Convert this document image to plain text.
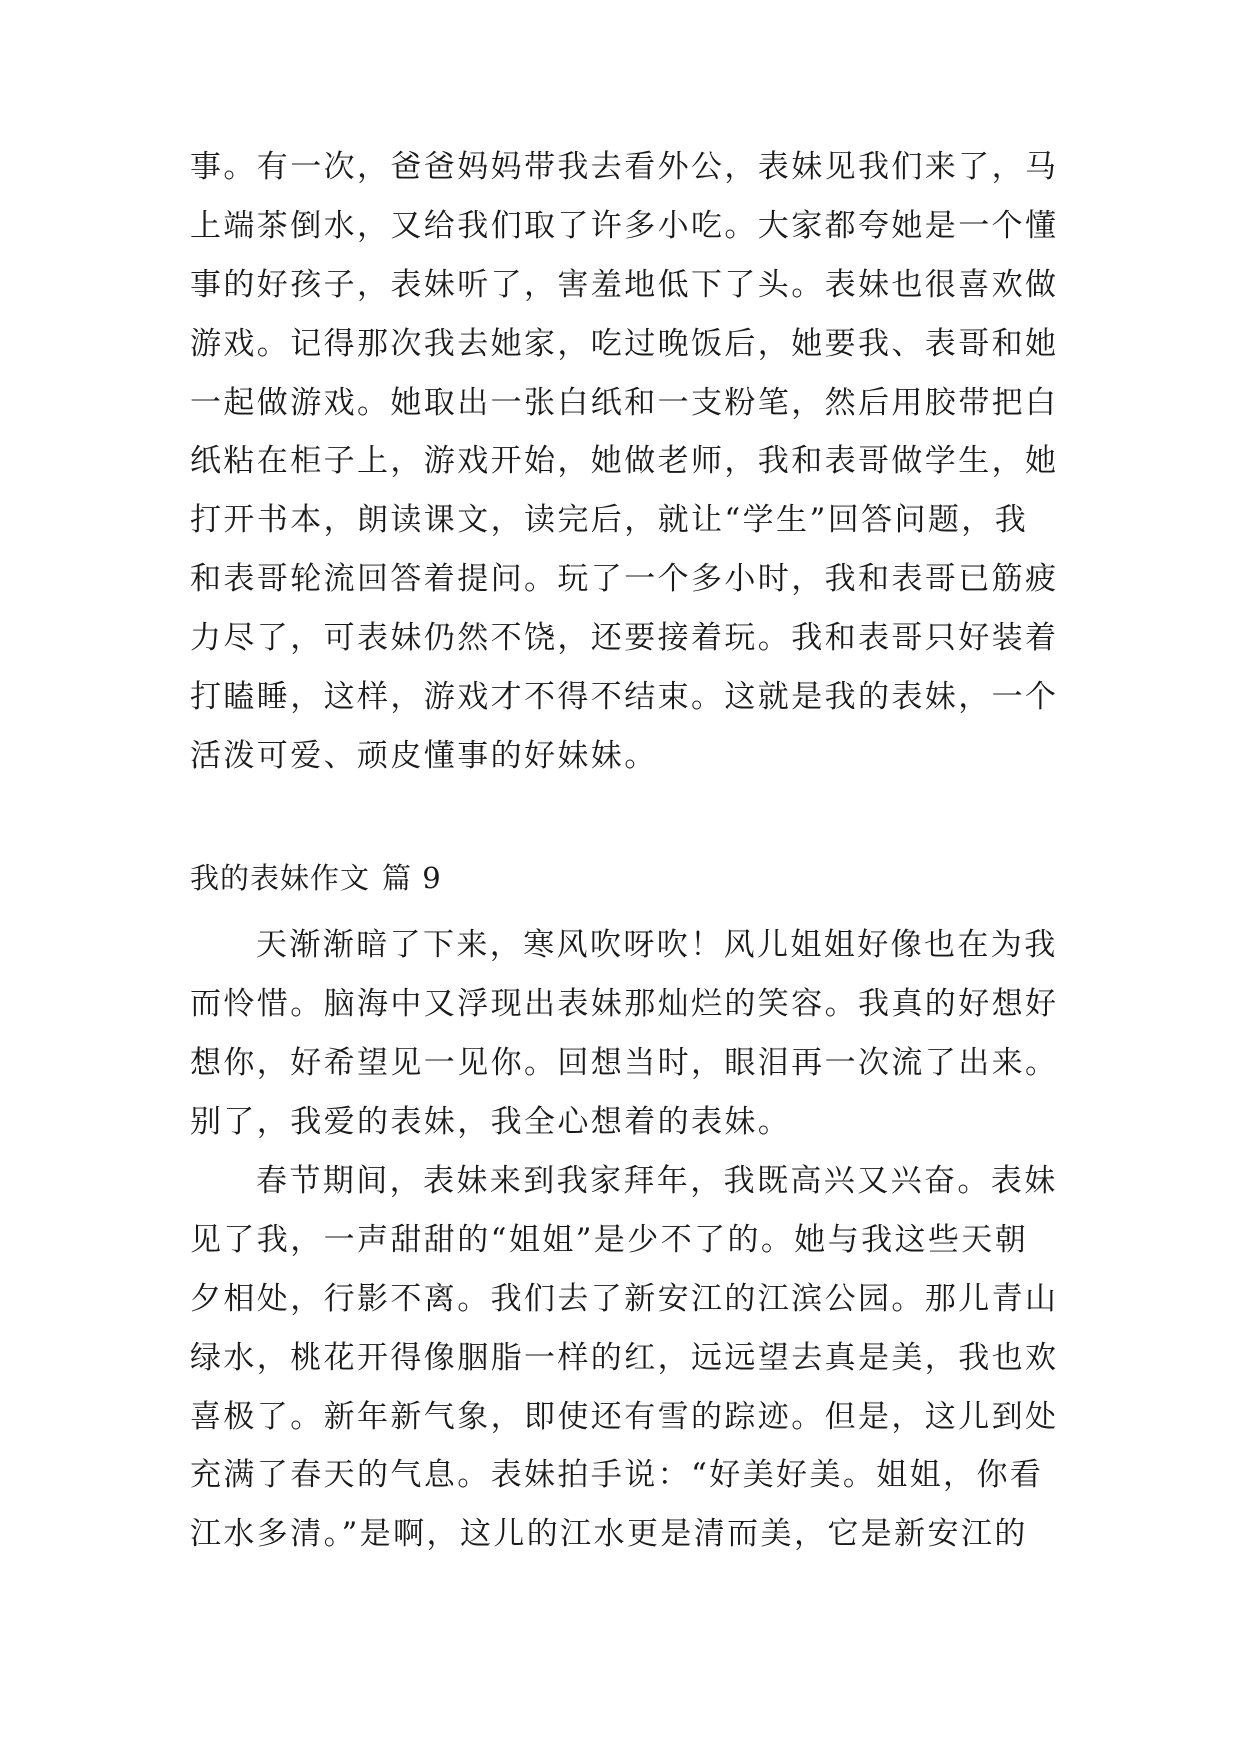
事。有一次，爸爸妈妈带我去看外公，表妹见我们来了，马
上端茶倒水，又给我们取了许多小吃。大家都夸她是一个懂
事的好孩子，表妹听了，害羞地低下了头。表妹也很喜欢做
游戏。记得那次我去她家，吃过晚饭后，她要我、表哥和她
一起做游戏。她取出一张白纸和一支粉笔，然后用胶带把白
纸粘在柜子上，游戏开始，她做老师，我和表哥做学生，她
打开书本，朗读课文，读完后，就让“学生”回答问题，我
和表哥轮流回答着提问。玩了一个多小时，我和表哥已筋疲
力尽了，可表妹仍然不饶，还要接着玩。我和表哥只好装着
打瞌睡，这样，游戏才不得不结束。这就是我的表妹，一个
活泼可爱、顽皮懂事的好妹妹。
我的表妹作文 篇 9
天渐渐暗了下来，寒风吹呀吹！风儿姐姐好像也在为我
而怜惜。脑海中又浮现出表妹那灿烂的笑容。我真的好想好
想你，好希望见一见你。回想当时，眼泪再一次流了出来。
别了，我爱的表妹，我全心想着的表妹。
春节期间，表妹来到我家拜年，我既高兴又兴奋。表妹
见了我，一声甜甜的“姐姐”是少不了的。她与我这些天朝
夕相处，行影不离。我们去了新安江的江滨公园。那儿青山
绿水，桃花开得像胭脂一样的红，远远望去真是美，我也欢
喜极了。新年新气象，即使还有雪的踪迹。但是，这儿到处
充满了春天的气息。表妹拍手说：“好美好美。姐姐，你看
江水多清。”是啊，这儿的江水更是清而美，它是新安江的
